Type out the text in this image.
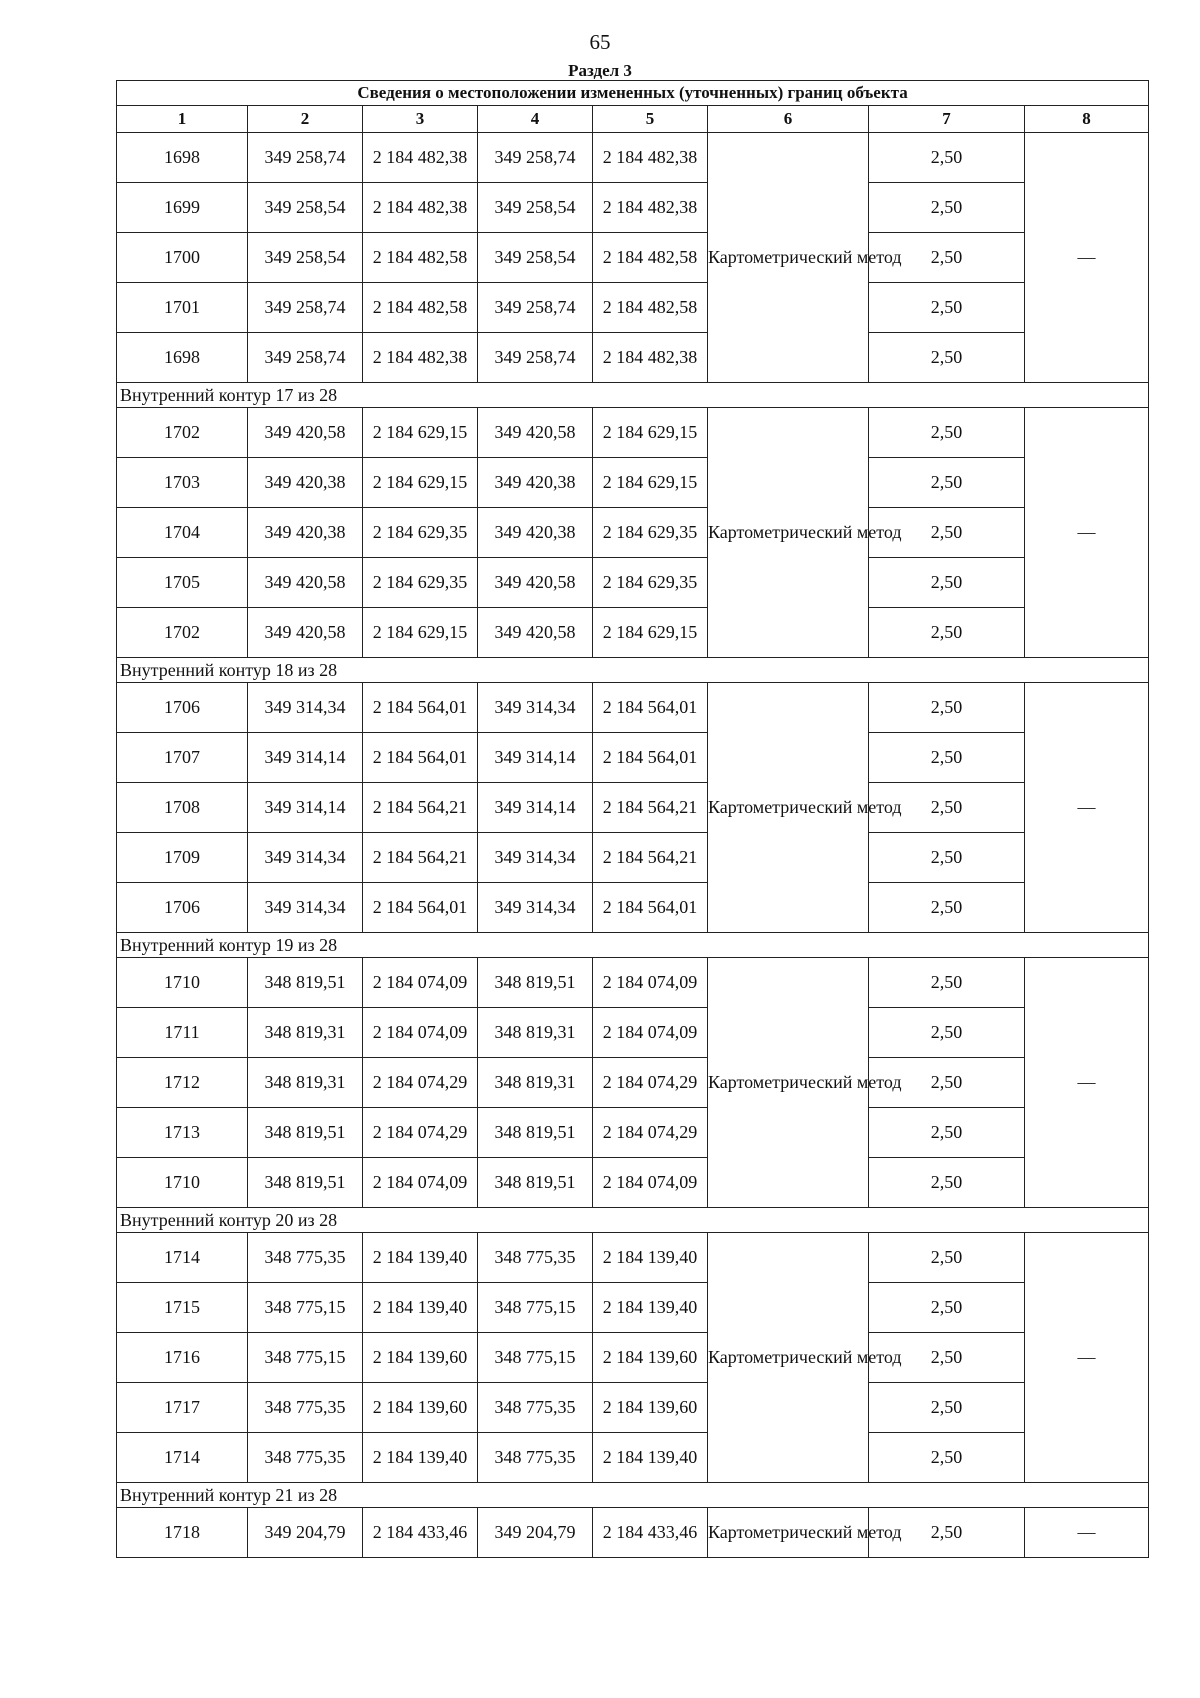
65
Раздел 3
Сведения о местоположении измененных (уточненных) границ объекта							
1	2	3	4	5	6	7	8
1698	349 258,74	2 184 482,38	349 258,74	2 184 482,38	Картометрический метод	2,50	—
1699	349 258,54	2 184 482,38	349 258,54	2 184 482,38		2,50	
1700	349 258,54	2 184 482,58	349 258,54	2 184 482,58		2,50	
1701	349 258,74	2 184 482,58	349 258,74	2 184 482,58		2,50	
1698	349 258,74	2 184 482,38	349 258,74	2 184 482,38		2,50	
Внутренний контур 17 из 28							
1702	349 420,58	2 184 629,15	349 420,58	2 184 629,15	Картометрический метод	2,50	—
1703	349 420,38	2 184 629,15	349 420,38	2 184 629,15		2,50	
1704	349 420,38	2 184 629,35	349 420,38	2 184 629,35		2,50	
1705	349 420,58	2 184 629,35	349 420,58	2 184 629,35		2,50	
1702	349 420,58	2 184 629,15	349 420,58	2 184 629,15		2,50	
Внутренний контур 18 из 28							
1706	349 314,34	2 184 564,01	349 314,34	2 184 564,01	Картометрический метод	2,50	—
1707	349 314,14	2 184 564,01	349 314,14	2 184 564,01		2,50	
1708	349 314,14	2 184 564,21	349 314,14	2 184 564,21		2,50	
1709	349 314,34	2 184 564,21	349 314,34	2 184 564,21		2,50	
1706	349 314,34	2 184 564,01	349 314,34	2 184 564,01		2,50	
Внутренний контур 19 из 28							
1710	348 819,51	2 184 074,09	348 819,51	2 184 074,09	Картометрический метод	2,50	—
1711	348 819,31	2 184 074,09	348 819,31	2 184 074,09		2,50	
1712	348 819,31	2 184 074,29	348 819,31	2 184 074,29		2,50	
1713	348 819,51	2 184 074,29	348 819,51	2 184 074,29		2,50	
1710	348 819,51	2 184 074,09	348 819,51	2 184 074,09		2,50	
Внутренний контур 20 из 28							
1714	348 775,35	2 184 139,40	348 775,35	2 184 139,40	Картометрический метод	2,50	—
1715	348 775,15	2 184 139,40	348 775,15	2 184 139,40		2,50	
1716	348 775,15	2 184 139,60	348 775,15	2 184 139,60		2,50	
1717	348 775,35	2 184 139,60	348 775,35	2 184 139,60		2,50	
1714	348 775,35	2 184 139,40	348 775,35	2 184 139,40		2,50	
Внутренний контур 21 из 28							
1718	349 204,79	2 184 433,46	349 204,79	2 184 433,46	Картометрический метод	2,50	—
